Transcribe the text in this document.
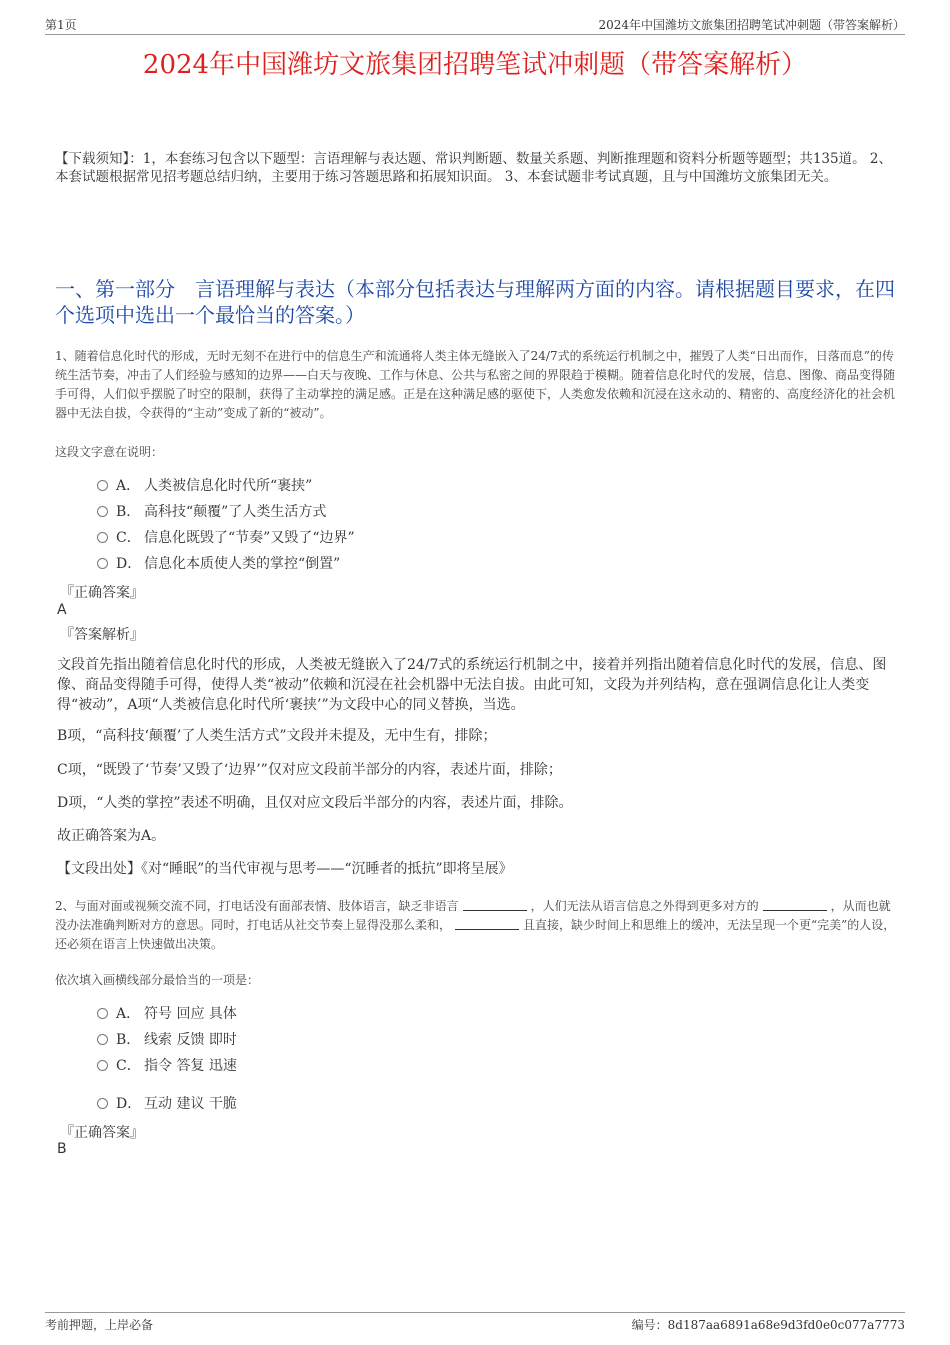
第1页	2024年中国潍坊文旅集团招聘笔试冲刺题（带答案解析）
2024年中国潍坊文旅集团招聘笔试冲刺题（带答案解析）
【下载须知】：1，本套练习包含以下题型：言语理解与表达题、常识判断题、数量关系题、判断推理题和资料分析题等题型；共135道。 2、本套试题根据常见招考题总结归纳，主要用于练习答题思路和拓展知识面。 3、本套试题非考试真题，且与中国潍坊文旅集团无关。
一、第一部分　言语理解与表达（本部分包括表达与理解两方面的内容。请根据题目要求，在四个选项中选出一个最恰当的答案。）
1、随着信息化时代的形成，无时无刻不在进行中的信息生产和流通将人类主体无缝嵌入了24/7式的系统运行机制之中，摧毁了人类“日出而作，日落而息”的传统生活节奏，冲击了人们经验与感知的边界——白天与夜晚、工作与休息、公共与私密之间的界限趋于模糊。随着信息化时代的发展，信息、图像、商品变得随手可得，人们似乎摆脱了时空的限制，获得了主动掌控的满足感。正是在这种满足感的驱使下，人类愈发依赖和沉浸在这永动的、精密的、高度经济化的社会机器中无法自拔，令获得的“主动”变成了新的“被动”。
这段文字意在说明：
A． 人类被信息化时代所“裹挟”
B． 高科技“颠覆”了人类生活方式
C． 信息化既毁了“节奏”又毁了“边界”
D． 信息化本质使人类的掌控“倒置”
『正确答案』
A
『答案解析』
文段首先指出随着信息化时代的形成，人类被无缝嵌入了24/7式的系统运行机制之中，接着并列指出随着信息化时代的发展，信息、图像、商品变得随手可得，使得人类“被动”依赖和沉浸在社会机器中无法自拔。由此可知，文段为并列结构，意在强调信息化让人类变得“被动”，A项“人类被信息化时代所‘裹挟’”为文段中心的同义替换，当选。
B项，“高科技‘颠覆’了人类生活方式”文段并未提及，无中生有，排除；
C项，“既毁了‘节奏’又毁了‘边界’”仅对应文段前半部分的内容，表述片面，排除；
D项，“人类的掌控”表述不明确，且仅对应文段后半部分的内容，表述片面，排除。
故正确答案为A。
【文段出处】《对“睡眠”的当代审视与思考——“沉睡者的抵抗”即将呈展》
2、与面对面或视频交流不同，打电话没有面部表情、肢体语言，缺乏非语言	，人们无法从语言信息之外得到更多对方的	，从而也就没办法准确判断对方的意思。同时，打电话从社交节奏上显得没那么柔和，	且直接，缺少时间上和思维上的缓冲，无法呈现一个更“完美”的人设，还必须在语言上快速做出决策。
依次填入画横线部分最恰当的一项是：
A． 符号 回应 具体
B． 线索 反馈 即时
C． 指令 答复 迅速
D． 互动 建议 干脆
『正确答案』
B
考前押题，上岸必备	编号：8d187aa6891a68e9d3fd0e0c077a7773
